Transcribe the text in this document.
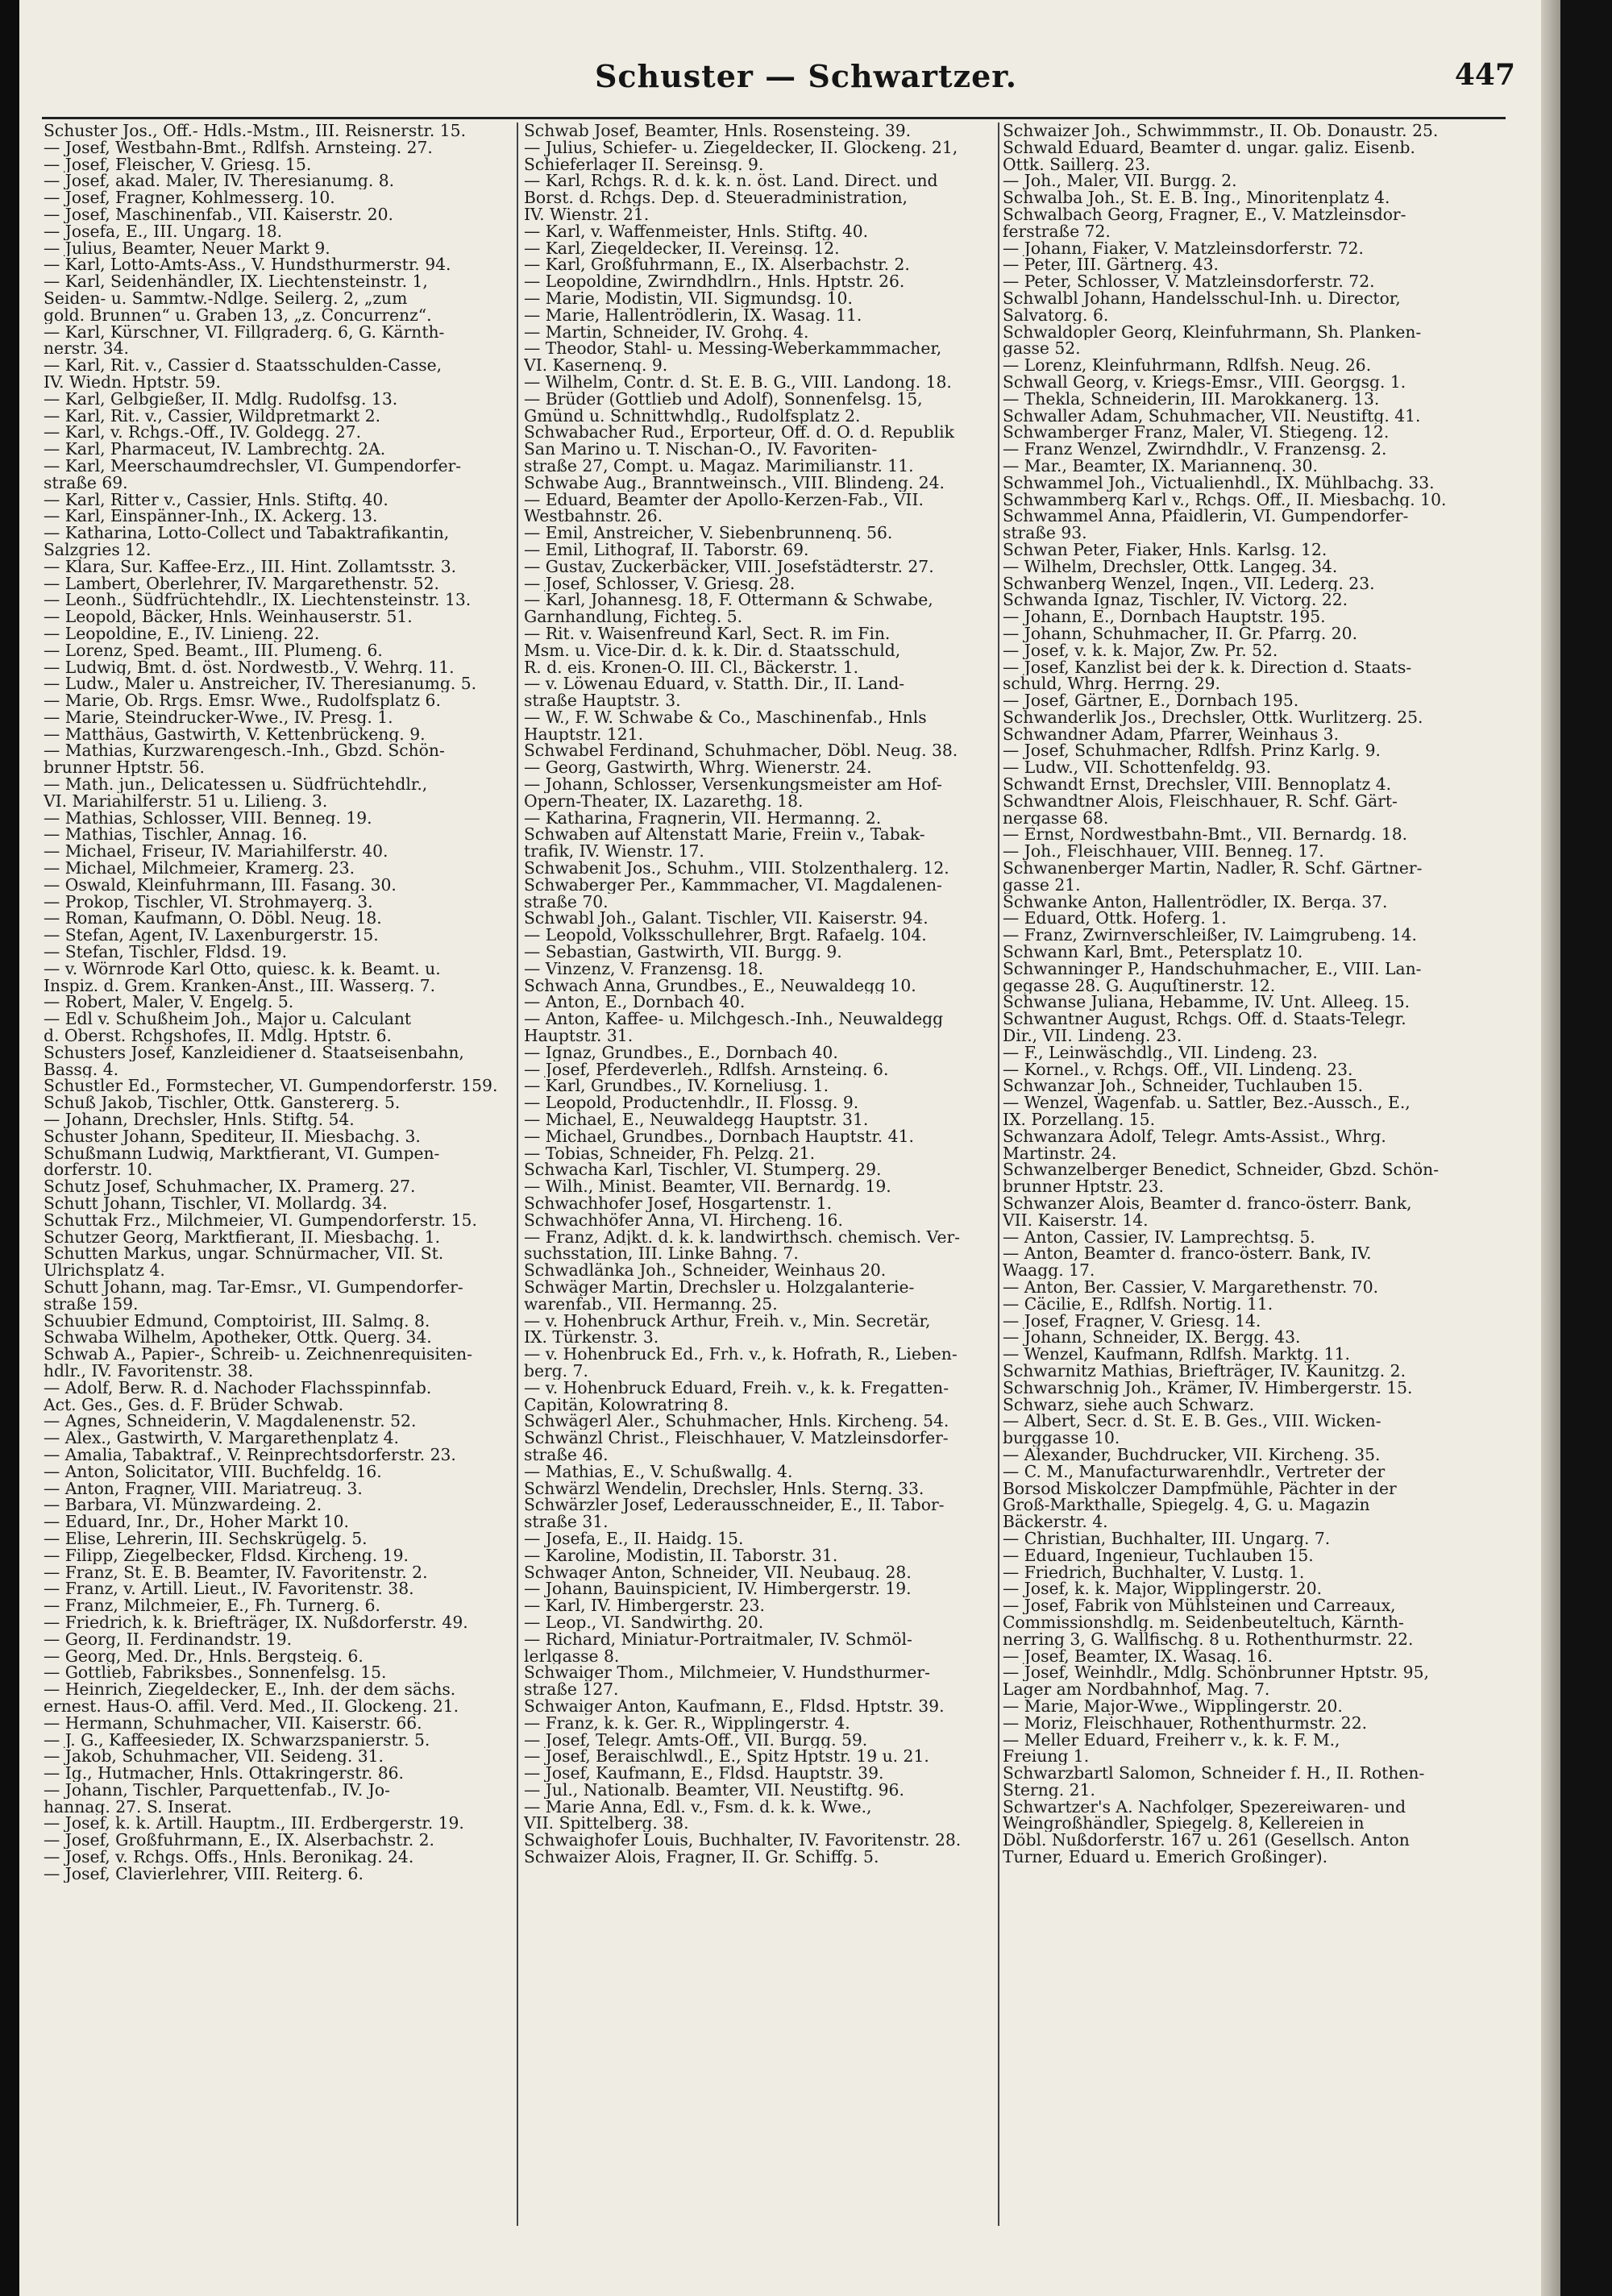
Schuster — Schwartzer.	447
Schuster Jos., Off.- Hdls.-Mstm., III. Reisnerstr. 15.
— Josef, Westbahn-Bmt., Rdlfsh. Arnsteing. 27.
— Josef, Fleischer, V. Griesg. 15.
— Josef, akad. Maler, IV. Theresianumg. 8.
— Josef, Fragner, Kohlmesserg. 10.
— Josef, Maschinenfab., VII. Kaiserstr. 20.
— Josefa, E., III. Ungarg. 18.
— Julius, Beamter, Neuer Markt 9.
— Karl, Lotto-Amts-Ass., V. Hundsthurmerstr. 94.
— Karl, Seidenhändler, IX. Liechtensteinstr. 1,
Seiden- u. Sammtw.-Ndlge. Seilerg. 2, „zum
gold. Brunnen“ u. Graben 13, „z. Concurrenz“.
— Karl, Kürschner, VI. Fillgraderg. 6, G. Kärnth-
nerstr. 34.
— Karl, Rit. v., Cassier d. Staatsschulden-Casse,
IV. Wiedn. Hptstr. 59.
— Karl, Gelbgießer, II. Mdlg. Rudolfsg. 13.
— Karl, Rit. v., Cassier, Wildpretmarkt 2.
— Karl, v. Rchgs.-Off., IV. Goldegg. 27.
— Karl, Pharmaceut, IV. Lambrechtg. 2A.
— Karl, Meerschaumdrechsler, VI. Gumpendorfer-
straße 69.
— Karl, Ritter v., Cassier, Hnls. Stiftg. 40.
— Karl, Einspänner-Inh., IX. Ackerg. 13.
— Katharina, Lotto-Collect und Tabaktrafikantin,
Salzgries 12.
— Klara, Sur. Kaffee-Erz., III. Hint. Zollamtsstr. 3.
— Lambert, Oberlehrer, IV. Margarethenstr. 52.
— Leonh., Südfrüchtehdlr., IX. Liechtensteinstr. 13.
— Leopold, Bäcker, Hnls. Weinhauserstr. 51.
— Leopoldine, E., IV. Linieng. 22.
— Lorenz, Sped. Beamt., III. Plumeng. 6.
— Ludwig, Bmt. d. öst. Nordwestb., V. Wehrg. 11.
— Ludw., Maler u. Anstreicher, IV. Theresianumg. 5.
— Marie, Ob. Rrgs. Emsr. Wwe., Rudolfsplatz 6.
— Marie, Steindrucker-Wwe., IV. Presg. 1.
— Matthäus, Gastwirth, V. Kettenbrückeng. 9.
— Mathias, Kurzwarengesch.-Inh., Gbzd. Schön-
brunner Hptstr. 56.
— Math. jun., Delicatessen u. Südfrüchtehdlr.,
VI. Mariahilferstr. 51 u. Lilieng. 3.
— Mathias, Schlosser, VIII. Benneg. 19.
— Mathias, Tischler, Annag. 16.
— Michael, Friseur, IV. Mariahilferstr. 40.
— Michael, Milchmeier, Kramerg. 23.
— Oswald, Kleinfuhrmann, III. Fasang. 30.
— Prokop, Tischler, VI. Strohmayerg. 3.
— Roman, Kaufmann, O. Döbl. Neug. 18.
— Stefan, Agent, IV. Laxenburgerstr. 15.
— Stefan, Tischler, Fldsd. 19.
— v. Wörnrode Karl Otto, quiesc. k. k. Beamt. u.
Inspiz. d. Grem. Kranken-Anst., III. Wasserg. 7.
— Robert, Maler, V. Engelg. 5.
— Edl v. Schußheim Joh., Major u. Calculant
d. Oberst. Rchgshofes, II. Mdlg. Hptstr. 6.
Schusters Josef, Kanzleidiener d. Staatseisenbahn,
Bassg. 4.
Schustler Ed., Formstecher, VI. Gumpendorferstr. 159.
Schuß Jakob, Tischler, Ottk. Ganstererg. 5.
— Johann, Drechsler, Hnls. Stiftg. 54.
Schuster Johann, Spediteur, II. Miesbachg. 3.
Schußmann Ludwig, Marktfierant, VI. Gumpen-
dorferstr. 10.
Schutz Josef, Schuhmacher, IX. Pramerg. 27.
Schutt Johann, Tischler, VI. Mollardg. 34.
Schuttak Frz., Milchmeier, VI. Gumpendorferstr. 15.
Schutzer Georg, Marktfierant, II. Miesbachg. 1.
Schutten Markus, ungar. Schnürmacher, VII. St.
Ulrichsplatz 4.
Schutt Johann, mag. Tar-Emsr., VI. Gumpendorfer-
straße 159.
Schuubier Edmund, Comptoirist, III. Salmg. 8.
Schwaba Wilhelm, Apotheker, Ottk. Querg. 34.
Schwab A., Papier-, Schreib- u. Zeichnenrequisiten-
hdlr., IV. Favoritenstr. 38.
— Adolf, Berw. R. d. Nachoder Flachsspinnfab.
Act. Ges., Ges. d. F. Brüder Schwab.
— Agnes, Schneiderin, V. Magdalenenstr. 52.
— Alex., Gastwirth, V. Margarethenplatz 4.
— Amalia, Tabaktraf., V. Reinprechtsdorferstr. 23.
— Anton, Solicitator, VIII. Buchfeldg. 16.
— Anton, Fragner, VIII. Mariatreug. 3.
— Barbara, VI. Münzwardeing. 2.
— Eduard, Inr., Dr., Hoher Markt 10.
— Elise, Lehrerin, III. Sechskrügelg. 5.
— Filipp, Ziegelbecker, Fldsd. Kircheng. 19.
— Franz, St. E. B. Beamter, IV. Favoritenstr. 2.
— Franz, v. Artill. Lieut., IV. Favoritenstr. 38.
— Franz, Milchmeier, E., Fh. Turnerg. 6.
— Friedrich, k. k. Briefträger, IX. Nußdorferstr. 49.
— Georg, II. Ferdinandstr. 19.
— Georg, Med. Dr., Hnls. Bergsteig. 6.
— Gottlieb, Fabriksbes., Sonnenfelsg. 15.
— Heinrich, Ziegeldecker, E., Inh. der dem sächs.
ernest. Haus-O. affil. Verd. Med., II. Glockeng. 21.
— Hermann, Schuhmacher, VII. Kaiserstr. 66.
— J. G., Kaffeesieder, IX. Schwarzspanierstr. 5.
— Jakob, Schuhmacher, VII. Seideng. 31.
— Ig., Hutmacher, Hnls. Ottakringerstr. 86.
— Johann, Tischler, Parquettenfab., IV. Jo-
hannag. 27. S. Inserat.
— Josef, k. k. Artill. Hauptm., III. Erdbergerstr. 19.
— Josef, Großfuhrmann, E., IX. Alserbachstr. 2.
— Josef, v. Rchgs. Offs., Hnls. Beronikag. 24.
— Josef, Clavierlehrer, VIII. Reiterg. 6.
Schwab Josef, Beamter, Hnls. Rosensteing. 39.
— Julius, Schiefer- u. Ziegeldecker, II. Glockeng. 21,
Schieferlager II. Sereinsg. 9.
— Karl, Rchgs. R. d. k. k. n. öst. Land. Direct. und
Borst. d. Rchgs. Dep. d. Steueradministration,
IV. Wienstr. 21.
— Karl, v. Waffenmeister, Hnls. Stiftg. 40.
— Karl, Ziegeldecker, II. Vereinsg. 12.
— Karl, Großfuhrmann, E., IX. Alserbachstr. 2.
— Leopoldine, Zwirndhdlrn., Hnls. Hptstr. 26.
— Marie, Modistin, VII. Sigmundsg. 10.
— Marie, Hallentrödlerin, IX. Wasag. 11.
— Martin, Schneider, IV. Grohg. 4.
— Theodor, Stahl- u. Messing-Weberkammmacher,
VI. Kasernenq. 9.
— Wilhelm, Contr. d. St. E. B. G., VIII. Landong. 18.
— Brüder (Gottlieb und Adolf), Sonnenfelsg. 15,
Gmünd u. Schnittwhdlg., Rudolfsplatz 2.
Schwabacher Rud., Erporteur, Off. d. O. d. Republik
San Marino u. T. Nischan-O., IV. Favoriten-
straße 27, Compt. u. Magaz. Marimilianstr. 11.
Schwabe Aug., Branntweinsch., VIII. Blindeng. 24.
— Eduard, Beamter der Apollo-Kerzen-Fab., VII.
Westbahnstr. 26.
— Emil, Anstreicher, V. Siebenbrunnenq. 56.
— Emil, Lithograf, II. Taborstr. 69.
— Gustav, Zuckerbäcker, VIII. Josefstädterstr. 27.
— Josef, Schlosser, V. Griesg. 28.
— Karl, Johannesg. 18, F. Ottermann & Schwabe,
Garnhandlung, Fichteg. 5.
— Rit. v. Waisenfreund Karl, Sect. R. im Fin.
Msm. u. Vice-Dir. d. k. k. Dir. d. Staatsschuld,
R. d. eis. Kronen-O. III. Cl., Bäckerstr. 1.
— v. Löwenau Eduard, v. Statth. Dir., II. Land-
straße Hauptstr. 3.
— W., F. W. Schwabe & Co., Maschinenfab., Hnls
Hauptstr. 121.
Schwabel Ferdinand, Schuhmacher, Döbl. Neug. 38.
— Georg, Gastwirth, Whrg. Wienerstr. 24.
— Johann, Schlosser, Versenkungsmeister am Hof-
Opern-Theater, IX. Lazarethg. 18.
— Katharina, Fragnerin, VII. Hermanng. 2.
Schwaben auf Altenstatt Marie, Freiin v., Tabak-
trafik, IV. Wienstr. 17.
Schwabenit Jos., Schuhm., VIII. Stolzenthalerg. 12.
Schwaberger Per., Kammmacher, VI. Magdalenen-
straße 70.
Schwabl Joh., Galant. Tischler, VII. Kaiserstr. 94.
— Leopold, Volksschullehrer, Brgt. Rafaelg. 104.
— Sebastian, Gastwirth, VII. Burgg. 9.
— Vinzenz, V. Franzensg. 18.
Schwach Anna, Grundbes., E., Neuwaldegg 10.
— Anton, E., Dornbach 40.
— Anton, Kaffee- u. Milchgesch.-Inh., Neuwaldegg
Hauptstr. 31.
— Ignaz, Grundbes., E., Dornbach 40.
— Josef, Pferdeverleh., Rdlfsh. Arnsteing. 6.
— Karl, Grundbes., IV. Korneliusg. 1.
— Leopold, Productenhdlr., II. Flossg. 9.
— Michael, E., Neuwaldegg Hauptstr. 31.
— Michael, Grundbes., Dornbach Hauptstr. 41.
— Tobias, Schneider, Fh. Pelzg. 21.
Schwacha Karl, Tischler, VI. Stumperg. 29.
— Wilh., Minist. Beamter, VII. Bernardg. 19.
Schwachhofer Josef, Hosgartenstr. 1.
Schwachhöfer Anna, VI. Hircheng. 16.
— Franz, Adjkt. d. k. k. landwirthsch. chemisch. Ver-
suchsstation, III. Linke Bahng. 7.
Schwadlänka Joh., Schneider, Weinhaus 20.
Schwäger Martin, Drechsler u. Holzgalanterie-
warenfab., VII. Hermanng. 25.
— v. Hohenbruck Arthur, Freih. v., Min. Secretär,
IX. Türkenstr. 3.
— v. Hohenbruck Ed., Frh. v., k. Hofrath, R., Lieben-
berg. 7.
— v. Hohenbruck Eduard, Freih. v., k. k. Fregatten-
Capitän, Kolowratring 8.
Schwägerl Aler., Schuhmacher, Hnls. Kircheng. 54.
Schwänzl Christ., Fleischhauer, V. Matzleinsdorfer-
straße 46.
— Mathias, E., V. Schußwallg. 4.
Schwärzl Wendelin, Drechsler, Hnls. Sterng. 33.
Schwärzler Josef, Lederausschneider, E., II. Tabor-
straße 31.
— Josefa, E., II. Haidg. 15.
— Karoline, Modistin, II. Taborstr. 31.
Schwager Anton, Schneider, VII. Neubaug. 28.
— Johann, Bauinspicient, IV. Himbergerstr. 19.
— Karl, IV. Himbergerstr. 23.
— Leop., VI. Sandwirthg. 20.
— Richard, Miniatur-Portraitmaler, IV. Schmöl-
lerlgasse 8.
Schwaiger Thom., Milchmeier, V. Hundsthurmer-
straße 127.
Schwaiger Anton, Kaufmann, E., Fldsd. Hptstr. 39.
— Franz, k. k. Ger. R., Wipplingerstr. 4.
— Josef, Telegr. Amts-Off., VII. Burgg. 59.
— Josef, Beraischlwdl., E., Spitz Hptstr. 19 u. 21.
— Josef, Kaufmann, E., Fldsd. Hauptstr. 39.
— Jul., Nationalb. Beamter, VII. Neustiftg. 96.
— Marie Anna, Edl. v., Fsm. d. k. k. Wwe.,
VII. Spittelberg. 38.
Schwaighofer Louis, Buchhalter, IV. Favoritenstr. 28.
Schwaizer Alois, Fragner, II. Gr. Schiffg. 5.
Schwaizer Joh., Schwimmmstr., II. Ob. Donaustr. 25.
Schwald Eduard, Beamter d. ungar. galiz. Eisenb.
Ottk. Saillerg. 23.
— Joh., Maler, VII. Burgg. 2.
Schwalba Joh., St. E. B. Ing., Minoritenplatz 4.
Schwalbach Georg, Fragner, E., V. Matzleinsdor-
ferstraße 72.
— Johann, Fiaker, V. Matzleinsdorferstr. 72.
— Peter, III. Gärtnerg. 43.
— Peter, Schlosser, V. Matzleinsdorferstr. 72.
Schwalbl Johann, Handelsschul-Inh. u. Director,
Salvatorg. 6.
Schwaldopler Georg, Kleinfuhrmann, Sh. Planken-
gasse 52.
— Lorenz, Kleinfuhrmann, Rdlfsh. Neug. 26.
Schwall Georg, v. Kriegs-Emsr., VIII. Georgsg. 1.
— Thekla, Schneiderin, III. Marokkanerg. 13.
Schwaller Adam, Schuhmacher, VII. Neustiftg. 41.
Schwamberger Franz, Maler, VI. Stiegeng. 12.
— Franz Wenzel, Zwirndhdlr., V. Franzensg. 2.
— Mar., Beamter, IX. Mariannenq. 30.
Schwammel Joh., Victualienhdl., IX. Mühlbachg. 33.
Schwammberg Karl v., Rchgs. Off., II. Miesbachg. 10.
Schwammel Anna, Pfaidlerin, VI. Gumpendorfer-
straße 93.
Schwan Peter, Fiaker, Hnls. Karlsg. 12.
— Wilhelm, Drechsler, Ottk. Langeg. 34.
Schwanberg Wenzel, Ingen., VII. Lederg. 23.
Schwanda Ignaz, Tischler, IV. Victorg. 22.
— Johann, E., Dornbach Hauptstr. 195.
— Johann, Schuhmacher, II. Gr. Pfarrg. 20.
— Josef, v. k. k. Major, Zw. Pr. 52.
— Josef, Kanzlist bei der k. k. Direction d. Staats-
schuld, Whrg. Herrng. 29.
— Josef, Gärtner, E., Dornbach 195.
Schwanderlik Jos., Drechsler, Ottk. Wurlitzerg. 25.
Schwandner Adam, Pfarrer, Weinhaus 3.
— Josef, Schuhmacher, Rdlfsh. Prinz Karlg. 9.
— Ludw., VII. Schottenfeldg. 93.
Schwandt Ernst, Drechsler, VIII. Bennoplatz 4.
Schwandtner Alois, Fleischhauer, R. Schf. Gärt-
nergasse 68.
— Ernst, Nordwestbahn-Bmt., VII. Bernardg. 18.
— Joh., Fleischhauer, VIII. Benneg. 17.
Schwanenberger Martin, Nadler, R. Schf. Gärtner-
gasse 21.
Schwanke Anton, Hallentrödler, IX. Berga. 37.
— Eduard, Ottk. Hoferg. 1.
— Franz, Zwirnverschleißer, IV. Laimgrubeng. 14.
Schwann Karl, Bmt., Petersplatz 10.
Schwanninger P., Handschuhmacher, E., VIII. Lan-
gegasse 28. G. Auguſtinerstr. 12.
Schwanse Juliana, Hebamme, IV. Unt. Alleeg. 15.
Schwantner August, Rchgs. Off. d. Staats-Telegr.
Dir., VII. Lindeng. 23.
— F., Leinwäschdlg., VII. Lindeng. 23.
— Kornel., v. Rchgs. Off., VII. Lindeng. 23.
Schwanzar Joh., Schneider, Tuchlauben 15.
— Wenzel, Wagenfab. u. Sattler, Bez.-Aussch., E.,
IX. Porzellang. 15.
Schwanzara Adolf, Telegr. Amts-Assist., Whrg.
Martinstr. 24.
Schwanzelberger Benedict, Schneider, Gbzd. Schön-
brunner Hptstr. 23.
Schwanzer Alois, Beamter d. franco-österr. Bank,
VII. Kaiserstr. 14.
— Anton, Cassier, IV. Lamprechtsg. 5.
— Anton, Beamter d. franco-österr. Bank, IV.
Waagg. 17.
— Anton, Ber. Cassier, V. Margarethenstr. 70.
— Cäcilie, E., Rdlfsh. Nortig. 11.
— Josef, Fragner, V. Griesg. 14.
— Johann, Schneider, IX. Bergg. 43.
— Wenzel, Kaufmann, Rdlfsh. Marktg. 11.
Schwarnitz Mathias, Briefträger, IV. Kaunitzg. 2.
Schwarschnig Joh., Krämer, IV. Himbergerstr. 15.
Schwarz, siehe auch Schwarz.
— Albert, Secr. d. St. E. B. Ges., VIII. Wicken-
burggasse 10.
— Alexander, Buchdrucker, VII. Kircheng. 35.
— C. M., Manufacturwarenhdlr., Vertreter der
Borsod Miskolczer Dampfmühle, Pächter in der
Groß-Markthalle, Spiegelg. 4, G. u. Magazin
Bäckerstr. 4.
— Christian, Buchhalter, III. Ungarg. 7.
— Eduard, Ingenieur, Tuchlauben 15.
— Friedrich, Buchhalter, V. Lustg. 1.
— Josef, k. k. Major, Wipplingerstr. 20.
— Josef, Fabrik von Mühlsteinen und Carreaux,
Commissionshdlg. m. Seidenbeuteltuch, Kärnth-
nerring 3, G. Wallfischg. 8 u. Rothenthurmstr. 22.
— Josef, Beamter, IX. Wasag. 16.
— Josef, Weinhdlr., Mdlg. Schönbrunner Hptstr. 95,
Lager am Nordbahnhof, Mag. 7.
— Marie, Major-Wwe., Wipplingerstr. 20.
— Moriz, Fleischhauer, Rothenthurmstr. 22.
— Meller Eduard, Freiherr v., k. k. F. M.,
Freiung 1.
Schwarzbartl Salomon, Schneider f. H., II. Rothen-
Sterng. 21.
Schwartzer's A. Nachfolger, Spezereiwaren- und
Weingroßhändler, Spiegelg. 8, Kellereien in
Döbl. Nußdorferstr. 167 u. 261 (Gesellsch. Anton
Turner, Eduard u. Emerich Großinger).
